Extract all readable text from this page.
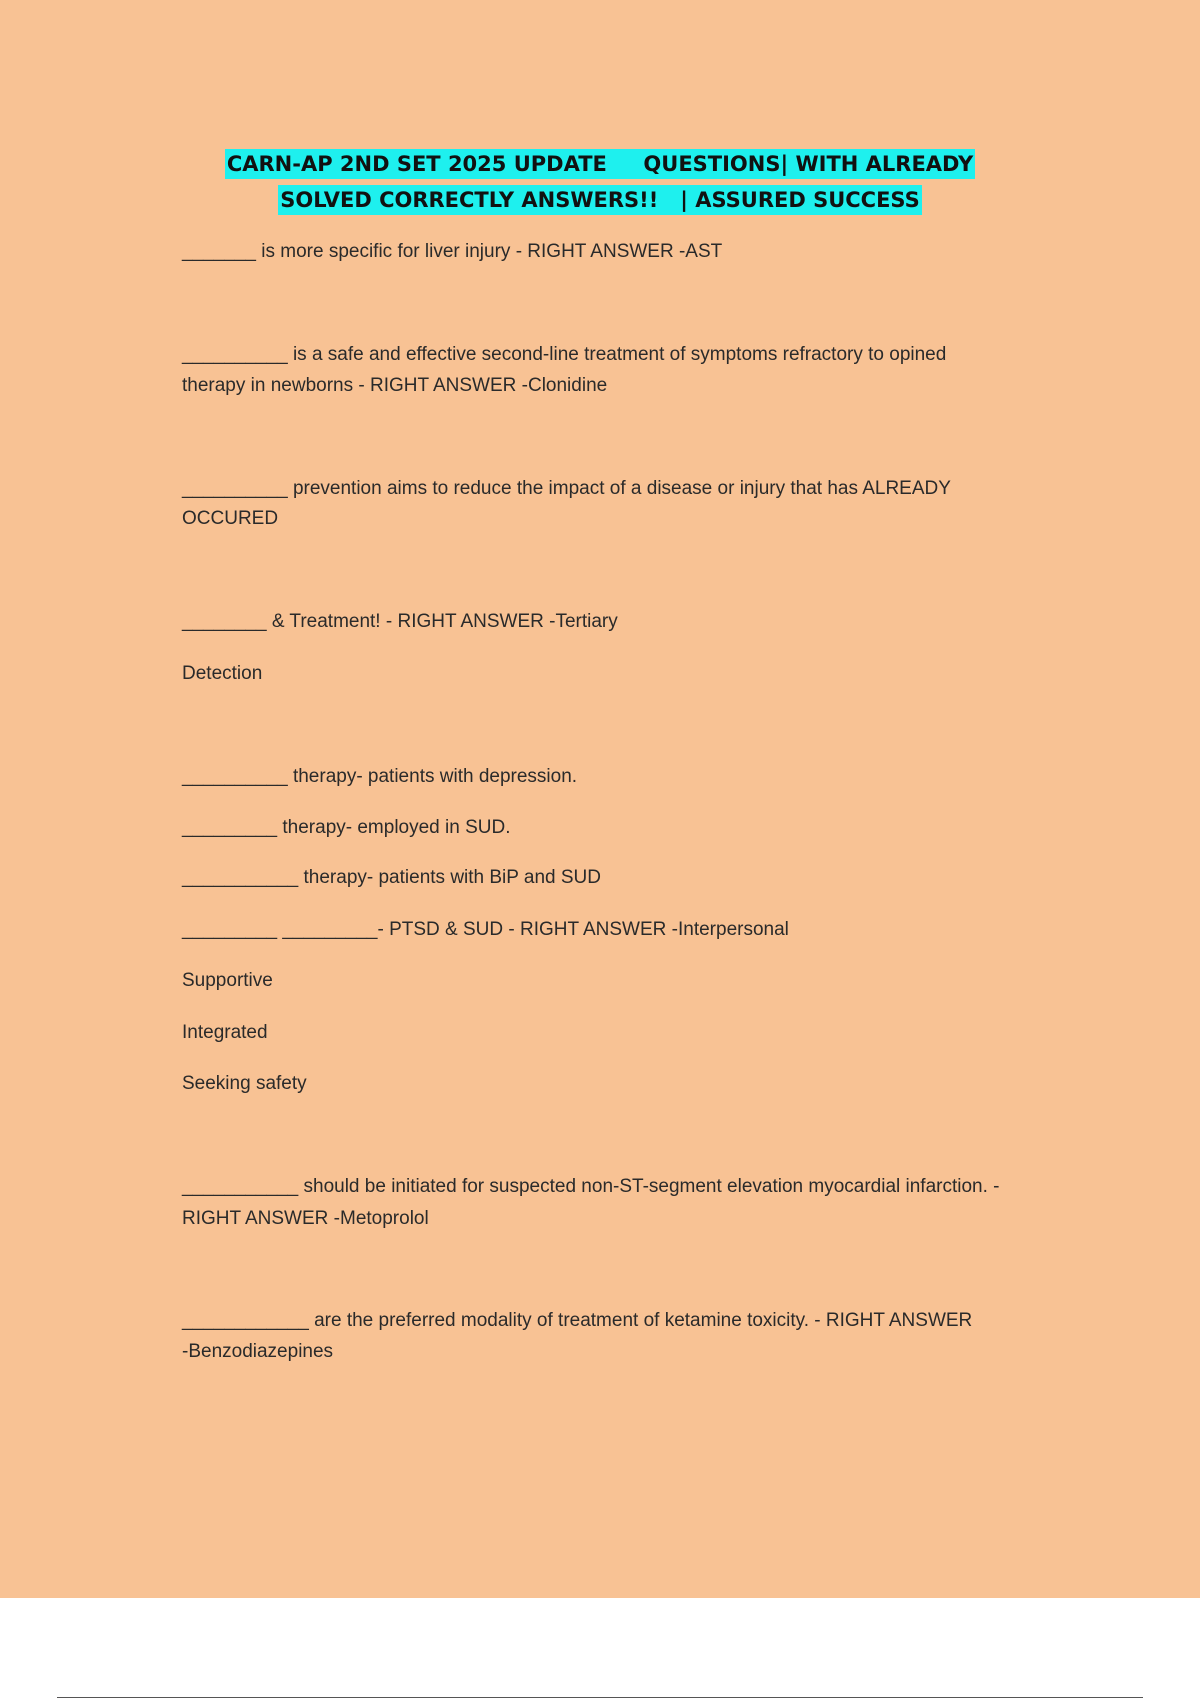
CARN-AP 2ND SET 2025 UPDATE     QUESTIONS| WITH ALREADY
SOLVED CORRECTLY ANSWERS!!   | ASSURED SUCCESS
_______ is more specific for liver injury - RIGHT ANSWER -AST
__________ is a safe and effective second-line treatment of symptoms refractory to opined
therapy in newborns - RIGHT ANSWER -Clonidine
__________ prevention aims to reduce the impact of a disease or injury that has ALREADY
OCCURED
________ & Treatment! - RIGHT ANSWER -Tertiary
Detection
__________ therapy- patients with depression.
_________ therapy- employed in SUD.
___________ therapy- patients with BiP and SUD
_________ _________- PTSD & SUD - RIGHT ANSWER -Interpersonal
Supportive
Integrated
Seeking safety
___________ should be initiated for suspected non-ST-segment elevation myocardial infarction. -
RIGHT ANSWER -Metoprolol
____________ are the preferred modality of treatment of ketamine toxicity. - RIGHT ANSWER
-Benzodiazepines
